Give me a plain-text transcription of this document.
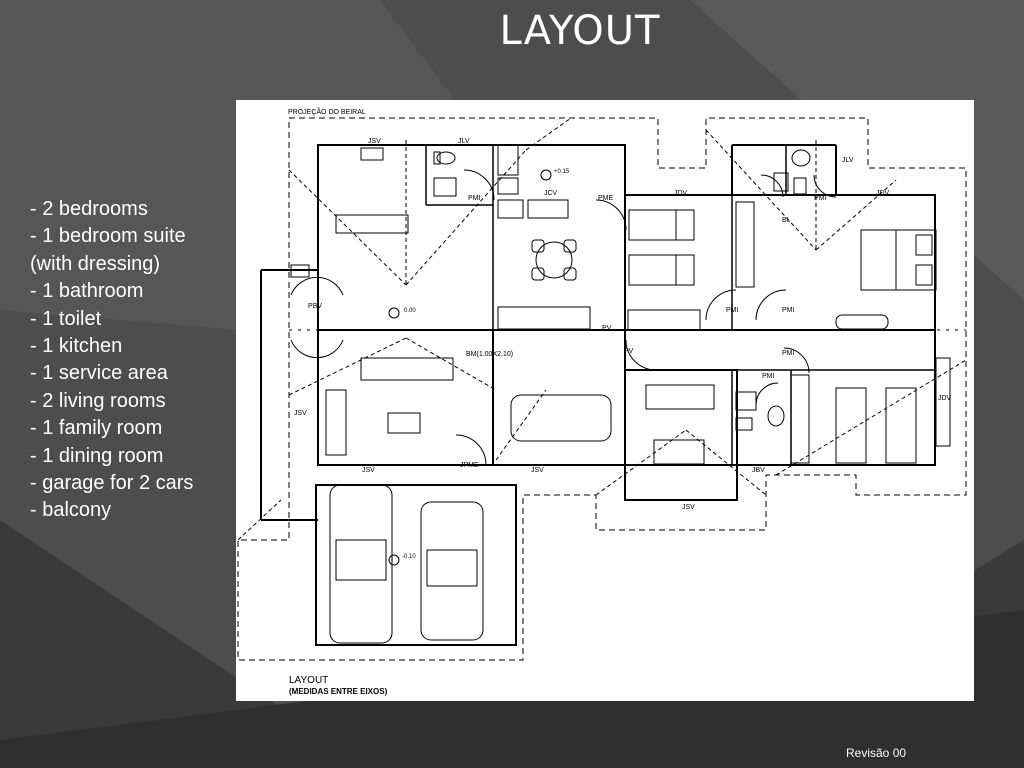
LAYOUT
- 2 bedrooms
- 1 bedroom suite
(with dressing)
- 1 bathroom
- 1 toilet
- 1 kitchen
- 1 service area
- 2 living rooms
- 1 family room
- 1 dining room
- garage for 2 cars
- balcony
PROJEÇÃO DO BEIRAL
JSV	JLV
+0.15
JCV
PME
JDV	JDV
JLV
PMI	PMI
PMI	PMI
PMI
PMI
BL
PBV
0.00
PV
PV
BM(1.00X2.10)
JSV
JSV
JPME
JSV
JSV
JBV
JDV
-0.10
LAYOUT
(MEDIDAS ENTRE EIXOS)
Revisão 00
